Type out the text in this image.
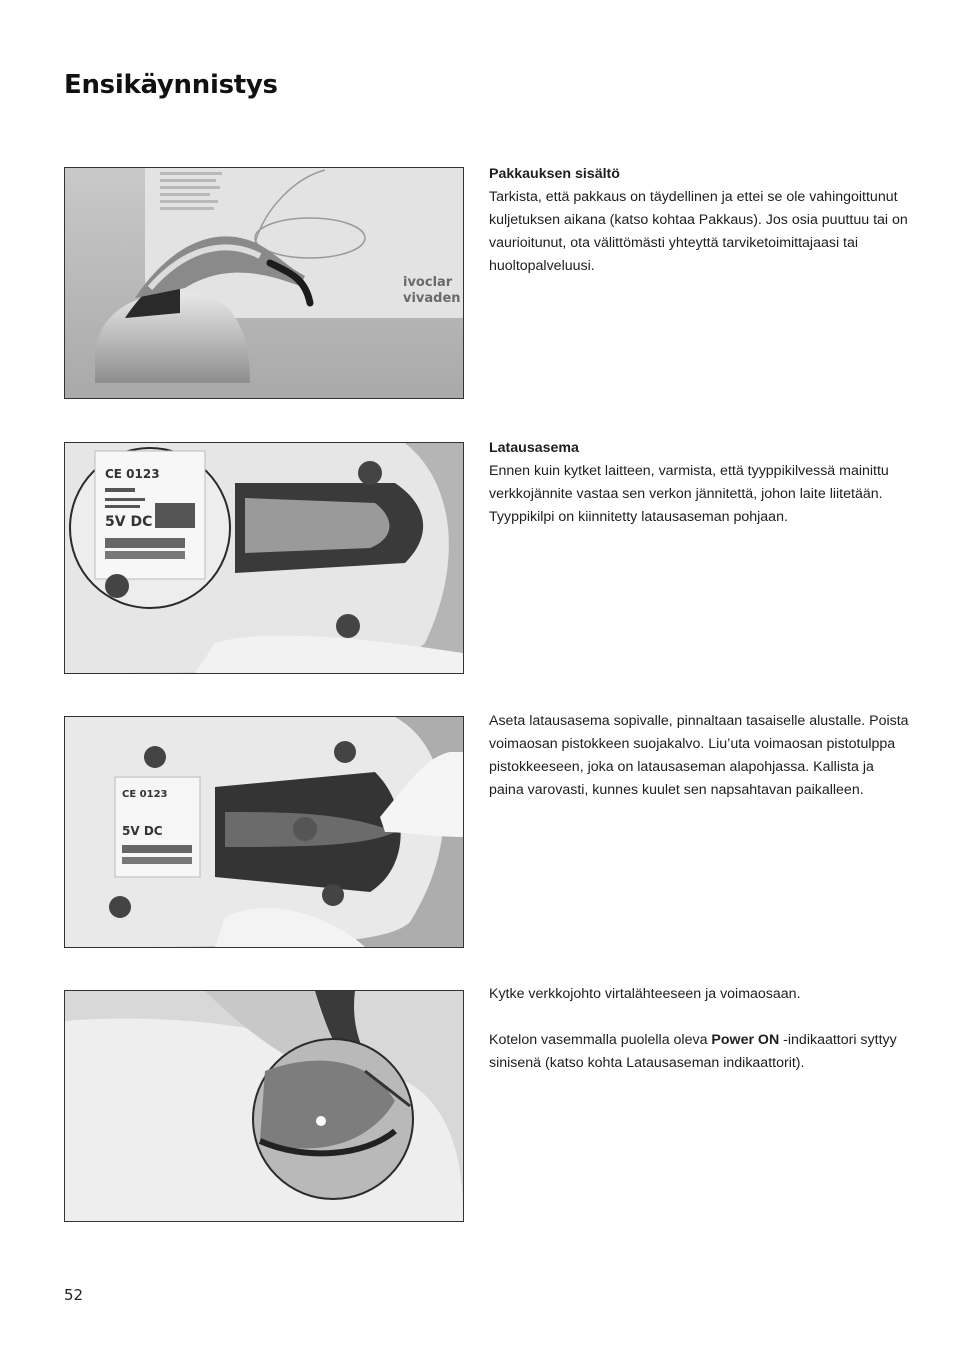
Ensikäynnistys
ivoclar
vivaden
Pakkauksen sisältö

Tarkista, että pakkaus on täydellinen ja ettei se ole vahingoittunut kuljetuksen aikana (katso kohtaa Pakkaus). Jos osia puuttuu tai on vaurioitunut, ota välittömästi yhteyttä tarviketoimittajaasi tai huoltopalveluusi.

CE 0123
5V DC
Latausasema

Ennen kuin kytket laitteen, varmista, että tyyppikilvessä mainittu verkkojännite vastaa sen verkon jännitettä, johon laite liitetään. Tyyppikilpi on kiinnitetty latausaseman pohjaan.

CE 0123
5V DC

Aseta latausasema sopivalle, pinnaltaan tasaiselle alustalle. Poista voimaosan pistokkeen suojakalvo. Liu’uta voimaosan pistotulppa pistokkeeseen, joka on latausaseman alapohjassa. Kallista ja paina varovasti, kunnes kuulet sen napsahtavan paikalleen.

Kytke verkkojohto virtalähteeseen ja voimaosaan.

Kotelon vasemmalla puolella oleva Power ON -indikaattori syttyy sinisenä (katso kohta Latausaseman indikaattorit).

52
